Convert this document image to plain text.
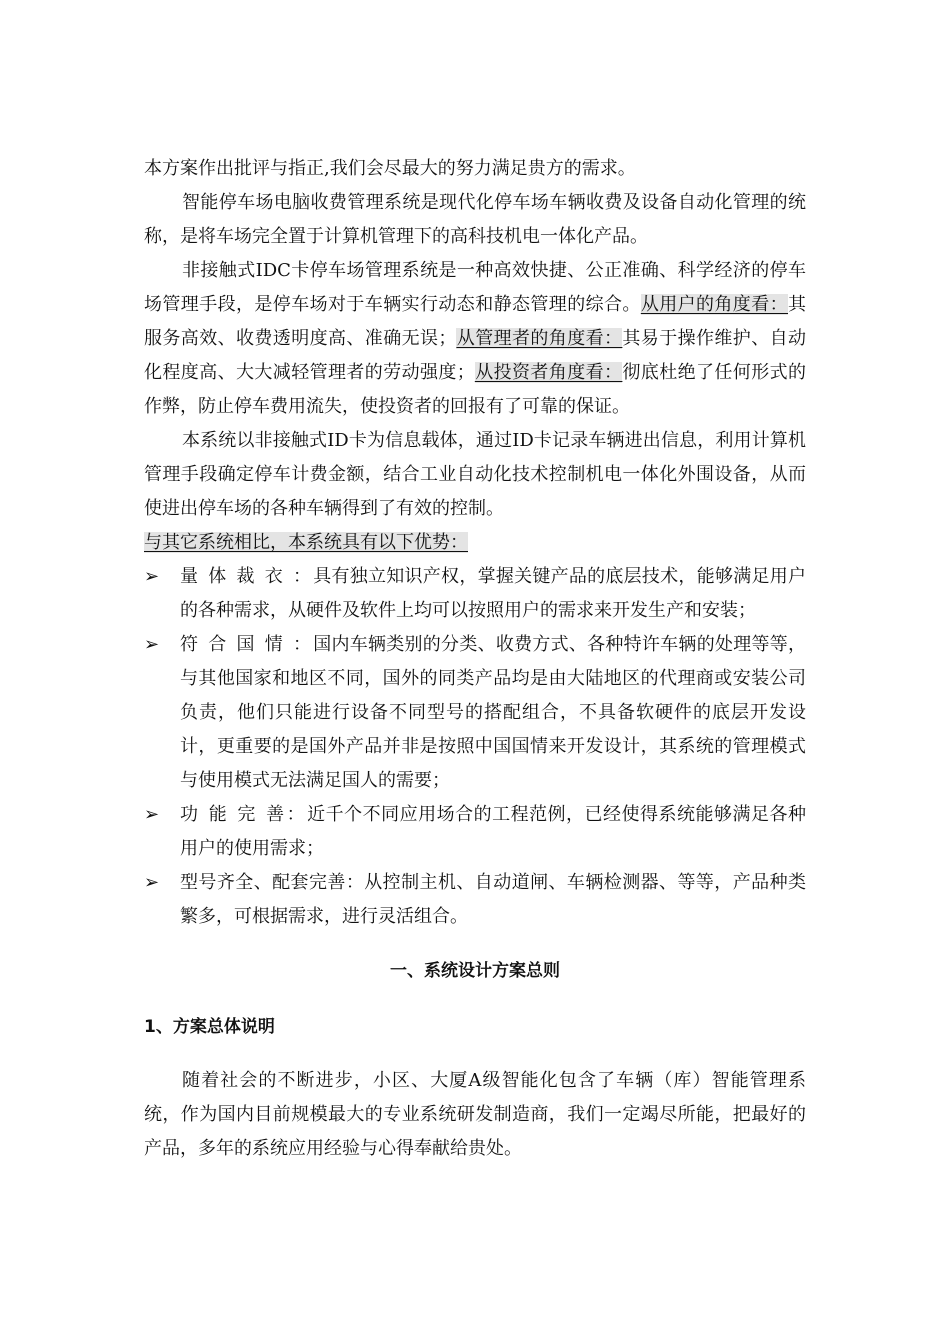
本方案作出批评与指正,我们会尽最大的努力满足贵方的需求。

智能停车场电脑收费管理系统是现代化停车场车辆收费及设备自动化管理的统称，是将车场完全置于计算机管理下的高科技机电一体化产品。

非接触式IDC卡停车场管理系统是一种高效快捷、公正准确、科学经济的停车场管理手段，是停车场对于车辆实行动态和静态管理的综合。从用户的角度看：其服务高效、收费透明度高、准确无误；从管理者的角度看：其易于操作维护、自动化程度高、大大减轻管理者的劳动强度；从投资者角度看：彻底杜绝了任何形式的作弊，防止停车费用流失，使投资者的回报有了可靠的保证。

本系统以非接触式ID卡为信息载体，通过ID卡记录车辆进出信息，利用计算机管理手段确定停车计费金额，结合工业自动化技术控制机电一体化外围设备，从而使进出停车场的各种车辆得到了有效的控制。

与其它系统相比，本系统具有以下优势：

➢ 量 体 裁 衣 ：具有独立知识产权，掌握关键产品的底层技术，能够满足用户的各种需求，从硬件及软件上均可以按照用户的需求来开发生产和安装；

➢ 符 合 国 情 ：国内车辆类别的分类、收费方式、各种特许车辆的处理等等，与其他国家和地区不同，国外的同类产品均是由大陆地区的代理商或安装公司负责，他们只能进行设备不同型号的搭配组合，不具备软硬件的底层开发设计，更重要的是国外产品并非是按照中国国情来开发设计，其系统的管理模式与使用模式无法满足国人的需要；

➢ 功 能 完 善：近千个不同应用场合的工程范例，已经使得系统能够满足各种用户的使用需求；

➢ 型号齐全、配套完善：从控制主机、自动道闸、车辆检测器、等等，产品种类繁多，可根据需求，进行灵活组合。

一、系统设计方案总则

1、方案总体说明

随着社会的不断进步，小区、大厦A级智能化包含了车辆（库）智能管理系统，作为国内目前规模最大的专业系统研发制造商，我们一定竭尽所能，把最好的产品，多年的系统应用经验与心得奉献给贵处。
